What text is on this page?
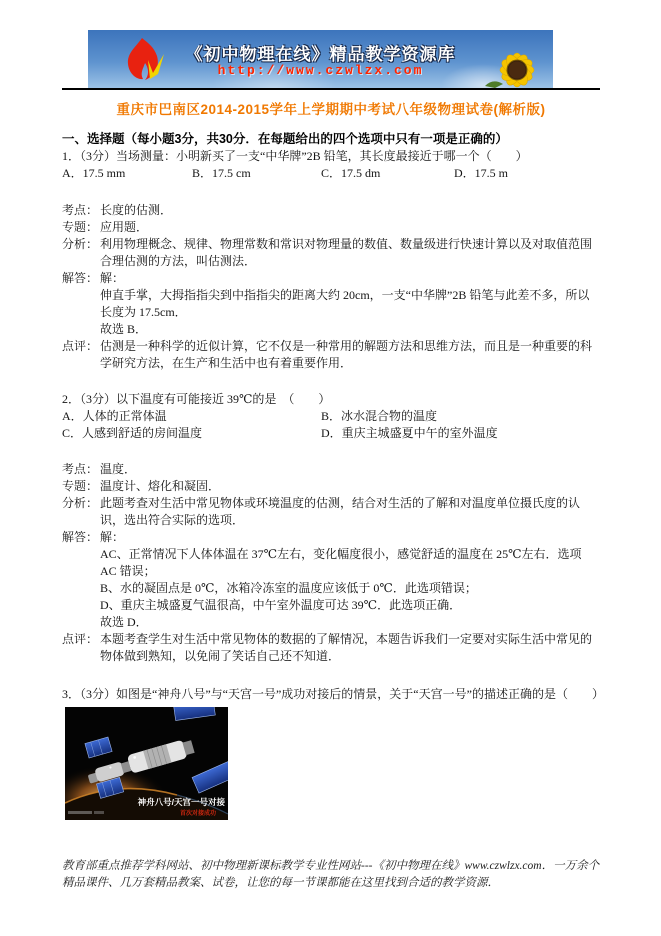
《初中物理在线》精品教学资源库
http://www.czwlzx.com
重庆市巴南区2014-2015学年上学期期中考试八年级物理试卷(解析版)
一、选择题（每小题3分，共30分．在每题给出的四个选项中只有一项是正确的）
1．（3分）当场测量：小明新买了一支“中华牌”2B 铅笔，其长度最接近于哪一个（　　）
A．17.5 mm	B．17.5 cm	C．17.5 dm	D．17.5 m
考点： 长度的估测．
专题： 应用题．
分析： 利用物理概念、规律、物理常数和常识对物理量的数值、数量级进行快速计算以及对取值范围合理估测的方法，叫估测法．
解答： 解：
伸直手掌，大拇指指尖到中指指尖的距离大约 20cm，一支“中华牌”2B 铅笔与此差不多，所以长度为 17.5cm．
故选 B．
点评： 估测是一种科学的近似计算，它不仅是一种常用的解题方法和思维方法，而且是一种重要的科学研究方法，在生产和生活中也有着重要作用．
2．（3分）以下温度有可能接近 39℃的是　（　　）
A．人体的正常体温	B．冰水混合物的温度
C．人感到舒适的房间温度	D．重庆主城盛夏中午的室外温度
考点： 温度．
专题： 温度计、熔化和凝固．
分析： 此题考查对生活中常见物体或环境温度的估测，结合对生活的了解和对温度单位摄氏度的认识，选出符合实际的选项．
解答： 解：
AC、正常情况下人体体温在 37℃左右，变化幅度很小，感觉舒适的温度在 25℃左右．选项 AC 错误；
B、水的凝固点是 0℃，冰箱冷冻室的温度应该低于 0℃．此选项错误；
D、重庆主城盛夏气温很高，中午室外温度可达 39℃．此选项正确．
故选 D．
点评： 本题考查学生对生活中常见物体的数据的了解情况，本题告诉我们一定要对实际生活中常见的物体做到熟知，以免闹了笑话自己还不知道．
3．（3分）如图是“神舟八号”与“天宫一号”成功对接后的情景，关于“天宫一号”的描述正确的是（　　）
神舟八号/天宫一号对接
首次对接成功
教育部重点推荐学科网站、初中物理新课标教学专业性网站---《初中物理在线》www.czwlzx.com．一万余个精品课件、几万套精品教案、试卷，让您的每一节课都能在这里找到合适的教学资源．
